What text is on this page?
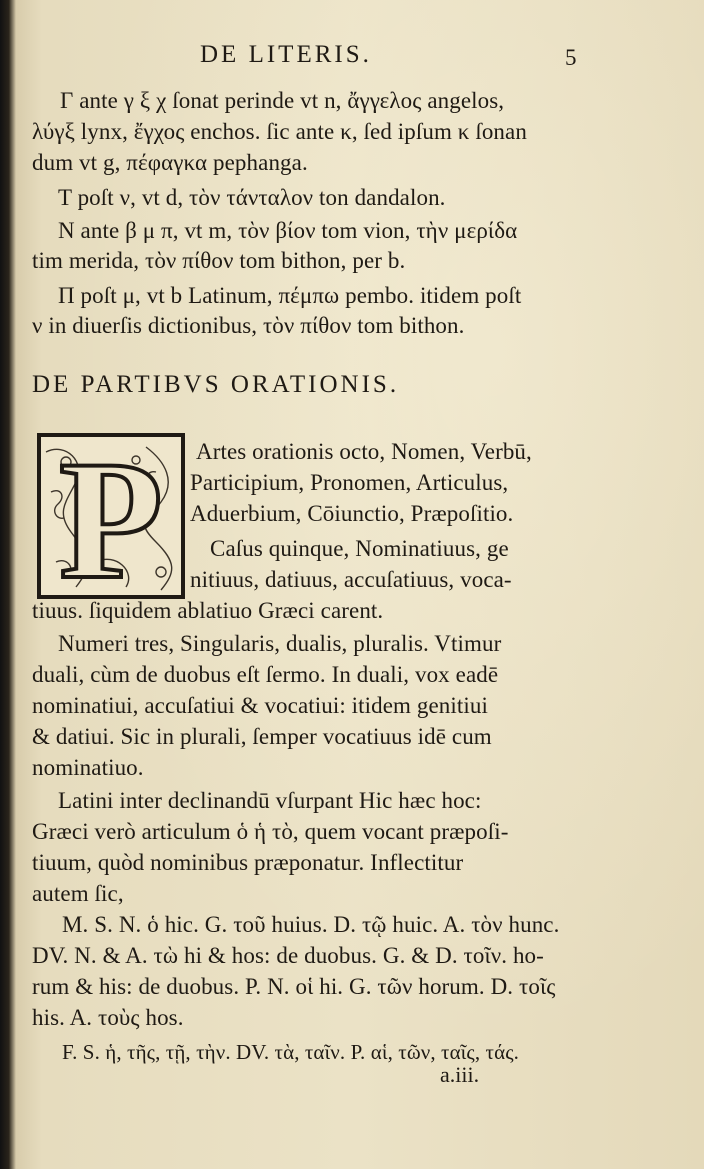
DE LITERIS.	5
Γ ante γ ξ χ ſonat perinde vt n, ἄγγελος angelos,
λύγξ lynx, ἔγχος enchos. ſic ante κ, ſed ipſum κ ſonan
dum vt g, πέφαγκα pephanga.
Τ poſt ν, vt d, τὸν τάνταλον ton dandalon.
Ν ante β μ π, vt m, τὸν βίον tom vion, τὴν μερίδα
tim merida, τὸν πίθον tom bithon, per b.
Π poſt μ, vt b Latinum, πέμπω pembo. itidem poſt
ν in diuerſis dictionibus, τὸν πίθον tom bithon.
DE PARTIBVS ORATIONIS.
P Artes orationis octo, Nomen, Verbū,
Participium, Pronomen, Articulus,
Aduerbium, Cōiunctio, Præpoſitio.
Caſus quinque, Nominatiuus, ge
nitiuus, datiuus, accuſatiuus, voca-
tiuus. ſiquidem ablatiuo Græci carent.
Numeri tres, Singularis, dualis, pluralis. Vtimur
duali, cùm de duobus eſt ſermo. In duali, vox eadē
nominatiui, accuſatiui & vocatiui: itidem genitiui
& datiui. Sic in plurali, ſemper vocatiuus idē cum
nominatiuo.
Latini inter declinandū vſurpant Hic hæc hoc:
Græci verò articulum ὁ ἡ τὸ, quem vocant præpoſi-
tiuum, quòd nominibus præponatur. Inflectitur
autem ſic,
M. S. N. ὁ hic. G. τοῦ huius. D. τῷ huic. A. τὸν hunc.
DV. N. & A. τὼ hi & hos: de duobus. G. & D. τοῖν. ho-
rum & his: de duobus. P. N. οἱ hi. G. τῶν horum. D. τοῖς
his. A. τοὺς hos.
F. S. ἡ, τῆς, τῇ, τὴν. DV. τὰ, ταῖν. P. αἱ, τῶν, ταῖς, τάς.
a.iii.
